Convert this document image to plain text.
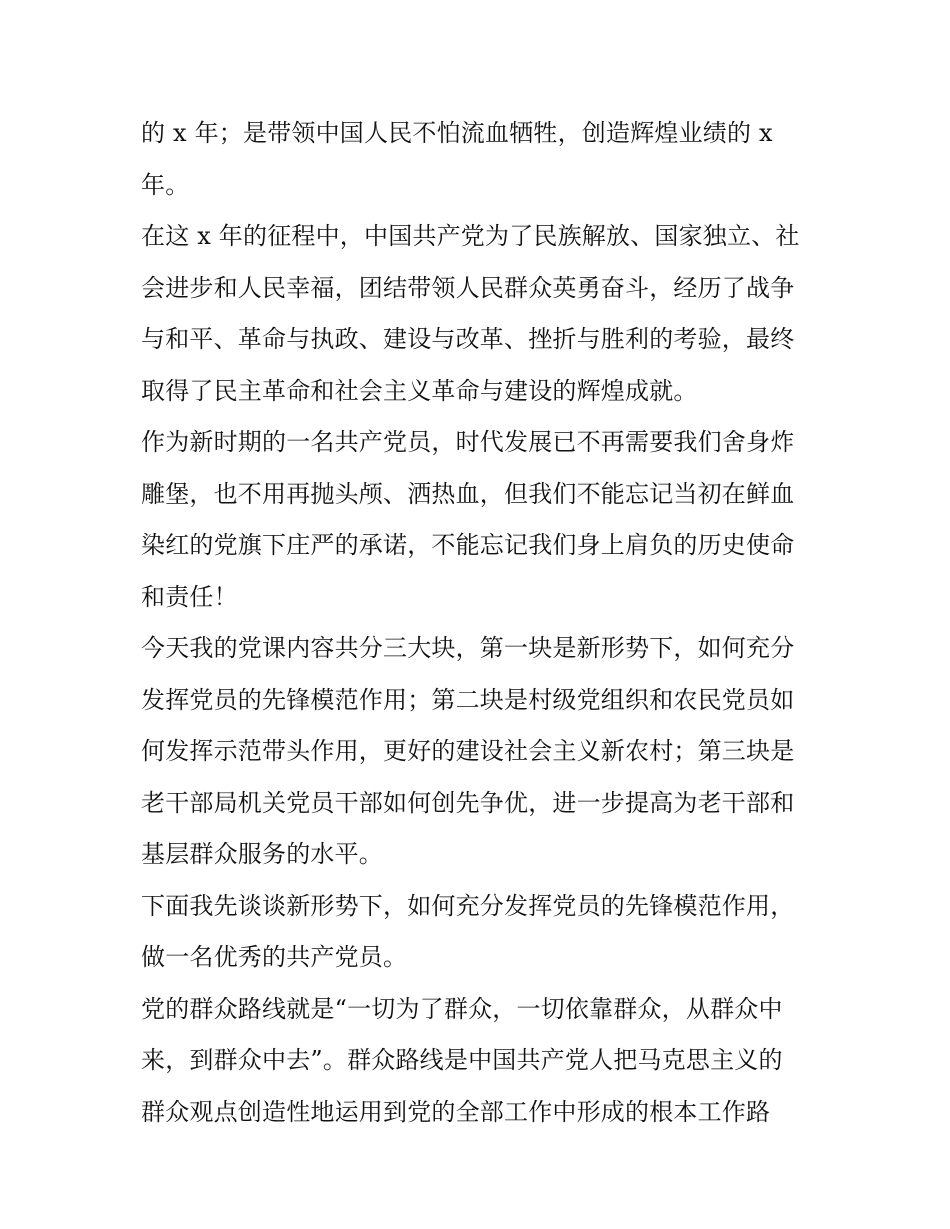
的 x 年；是带领中国人民不怕流血牺牲，创造辉煌业绩的 x
年。
在这 x 年的征程中，中国共产党为了民族解放、国家独立、社
会进步和人民幸福，团结带领人民群众英勇奋斗，经历了战争
与和平、革命与执政、建设与改革、挫折与胜利的考验，最终
取得了民主革命和社会主义革命与建设的辉煌成就。
作为新时期的一名共产党员，时代发展已不再需要我们舍身炸
雕堡，也不用再抛头颅、洒热血，但我们不能忘记当初在鲜血
染红的党旗下庄严的承诺，不能忘记我们身上肩负的历史使命
和责任！
今天我的党课内容共分三大块，第一块是新形势下，如何充分
发挥党员的先锋模范作用；第二块是村级党组织和农民党员如
何发挥示范带头作用，更好的建设社会主义新农村；第三块是
老干部局机关党员干部如何创先争优，进一步提高为老干部和
基层群众服务的水平。
下面我先谈谈新形势下，如何充分发挥党员的先锋模范作用，
做一名优秀的共产党员。
党的群众路线就是“一切为了群众，一切依靠群众，从群众中
来，到群众中去”。群众路线是中国共产党人把马克思主义的
群众观点创造性地运用到党的全部工作中形成的根本工作路
